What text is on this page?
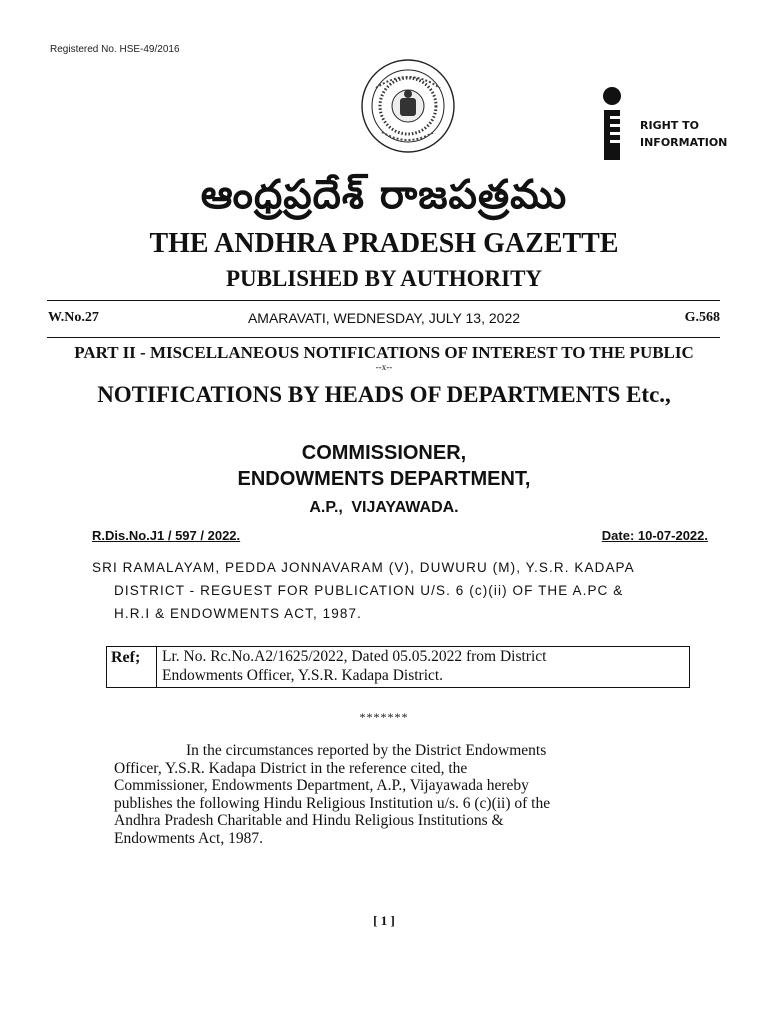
Registered No. HSE-49/2016
RIGHT TO
INFORMATION
ఆంధ్రప్రదేశ్ రాజపత్రము
THE ANDHRA PRADESH GAZETTE
PUBLISHED BY AUTHORITY
W.No.27	AMARAVATI, WEDNESDAY, JULY 13, 2022	G.568
PART II - MISCELLANEOUS NOTIFICATIONS OF INTEREST TO THE PUBLIC
--x--
NOTIFICATIONS BY HEADS OF DEPARTMENTS Etc.,
COMMISSIONER,
ENDOWMENTS DEPARTMENT,
A.P., VIJAYAWADA.
R.Dis.No.J1 / 597 / 2022.	Date: 10-07-2022.
SRI RAMALAYAM, PEDDA JONNAVARAM (V), DUWURU (M), Y.S.R. KADAPA
DISTRICT - REGUEST FOR PUBLICATION U/S. 6 (c)(ii) OF THE A.PC &
H.R.I & ENDOWMENTS ACT, 1987.
Ref;	Lr. No. Rc.No.A2/1625/2022, Dated 05.05.2022 from District
Endowments Officer, Y.S.R. Kadapa District.
*******
In the circumstances reported by the District Endowments
Officer, Y.S.R. Kadapa District in the reference cited, the
Commissioner, Endowments Department, A.P., Vijayawada hereby
publishes the following Hindu Religious Institution u/s. 6 (c)(ii) of the
Andhra Pradesh Charitable and Hindu Religious Institutions &
Endowments Act, 1987.
[ 1 ]
